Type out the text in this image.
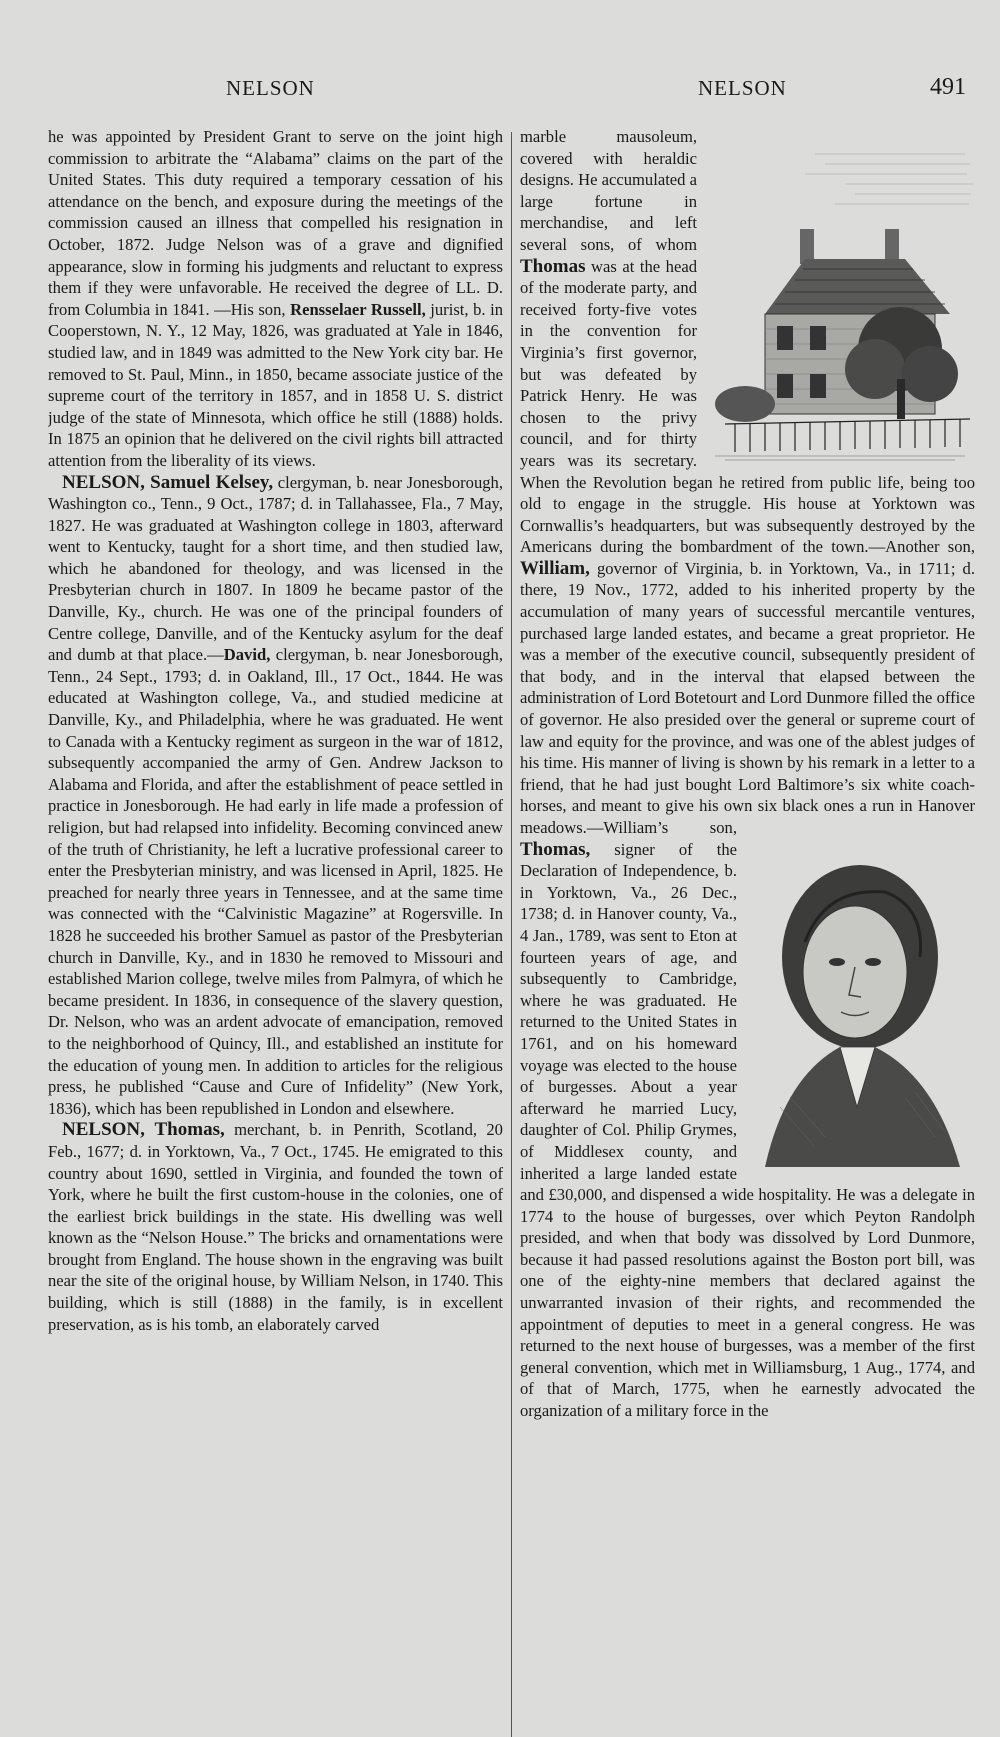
NELSON	NELSON	491

he was appointed by President Grant to serve on the joint high commission to arbitrate the “Alabama” claims on the part of the United States. This duty required a temporary cessation of his attendance on the bench, and exposure during the meetings of the commission caused an illness that compelled his resignation in October, 1872. Judge Nelson was of a grave and dignified appearance, slow in forming his judgments and reluctant to express them if they were unfavorable. He received the degree of LL. D. from Columbia in 1841. —His son, Rensselaer Russell, jurist, b. in Cooperstown, N. Y., 12 May, 1826, was graduated at Yale in 1846, studied law, and in 1849 was admitted to the New York city bar. He removed to St. Paul, Minn., in 1850, became associate justice of the supreme court of the territory in 1857, and in 1858 U. S. district judge of the state of Minnesota, which office he still (1888) holds. In 1875 an opinion that he delivered on the civil rights bill attracted attention from the liberality of its views.

NELSON, Samuel Kelsey, clergyman, b. near Jonesborough, Washington co., Tenn., 9 Oct., 1787; d. in Tallahassee, Fla., 7 May, 1827. He was graduated at Washington college in 1803, afterward went to Kentucky, taught for a short time, and then studied law, which he abandoned for theology, and was licensed in the Presbyterian church in 1807. In 1809 he became pastor of the Danville, Ky., church. He was one of the principal founders of Centre college, Danville, and of the Kentucky asylum for the deaf and dumb at that place.—David, clergyman, b. near Jonesborough, Tenn., 24 Sept., 1793; d. in Oakland, Ill., 17 Oct., 1844. He was educated at Washington college, Va., and studied medicine at Danville, Ky., and Philadelphia, where he was graduated. He went to Canada with a Kentucky regiment as surgeon in the war of 1812, subsequently accompanied the army of Gen. Andrew Jackson to Alabama and Florida, and after the establishment of peace settled in practice in Jonesborough. He had early in life made a profession of religion, but had relapsed into infidelity. Becoming convinced anew of the truth of Christianity, he left a lucrative professional career to enter the Presbyterian ministry, and was licensed in April, 1825. He preached for nearly three years in Tennessee, and at the same time was connected with the “Calvinistic Magazine” at Rogersville. In 1828 he succeeded his brother Samuel as pastor of the Presbyterian church in Danville, Ky., and in 1830 he removed to Missouri and established Marion college, twelve miles from Palmyra, of which he became president. In 1836, in consequence of the slavery question, Dr. Nelson, who was an ardent advocate of emancipation, removed to the neighborhood of Quincy, Ill., and established an institute for the education of young men. In addition to articles for the religious press, he published “Cause and Cure of Infidelity” (New York, 1836), which has been republished in London and elsewhere.

NELSON, Thomas, merchant, b. in Penrith, Scotland, 20 Feb., 1677; d. in Yorktown, Va., 7 Oct., 1745. He emigrated to this country about 1690, settled in Virginia, and founded the town of York, where he built the first custom-house in the colonies, one of the earliest brick buildings in the state. His dwelling was well known as the “Nelson House.” The bricks and ornamentations were brought from England. The house shown in the engraving was built near the site of the original house, by William Nelson, in 1740. This building, which is still (1888) in the family, is in excellent preservation, as is his tomb, an elaborately carved

marble mausoleum, covered with heraldic designs. He accumulated a large fortune in merchandise, and left several sons, of whom Thomas was at the head of the moderate party, and received forty-five votes in the convention for Virginia’s first governor, but was defeated by Patrick Henry. He was chosen to the privy council, and for thirty years was its secretary. When the Revolution began he retired from public life, being too old to engage in the struggle. His house at Yorktown was Cornwallis’s headquarters, but was subsequently destroyed by the Americans during the bombardment of the town.—Another son, William, governor of Virginia, b. in Yorktown, Va., in 1711; d. there, 19 Nov., 1772, added to his inherited property by the accumulation of many years of successful mercantile ventures, purchased large landed estates, and became a great proprietor. He was a member of the executive council, subsequently president of that body, and in the interval that elapsed between the administration of Lord Botetourt and Lord Dunmore filled the office of governor. He also presided over the general or supreme court of law and equity for the province, and was one of the ablest judges of his time. His manner of living is shown by his remark in a letter to a friend, that he had just bought Lord Baltimore’s six white coach-horses, and meant to give his own six black ones a run in Hanover meadows.—William’s son,
Thomas, signer of the Declaration of Independence, b. in Yorktown, Va., 26 Dec., 1738; d. in Hanover county, Va., 4 Jan., 1789, was sent to Eton at fourteen years of age, and subsequently to Cambridge, where he was graduated. He returned to the United States in 1761, and on his homeward voyage was elected to the house of burgesses. About a year afterward he married Lucy, daughter of Col. Philip Grymes, of Middlesex county, and inherited a large landed estate and £30,000, and dispensed a wide hospitality. He was a delegate in 1774 to the house of burgesses, over which Peyton Randolph presided, and when that body was dissolved by Lord Dunmore, because it had passed resolutions against the Boston port bill, was one of the eighty-nine members that declared against the unwarranted invasion of their rights, and recommended the appointment of deputies to meet in a general congress. He was returned to the next house of burgesses, was a member of the first general convention, which met in Williamsburg, 1 Aug., 1774, and of that of March, 1775, when he earnestly advocated the organization of a military force in the
